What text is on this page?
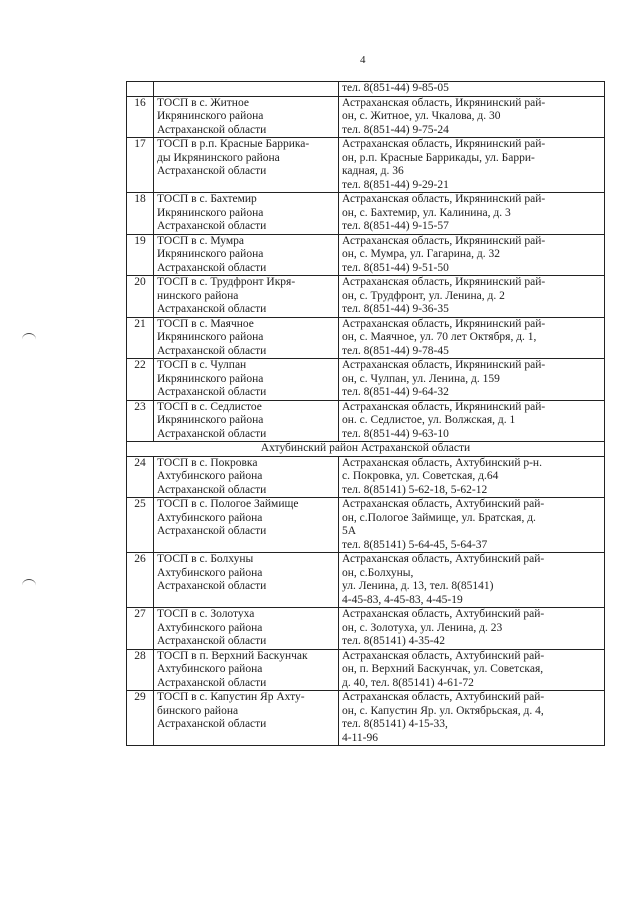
4

		тел. 8(851-44) 9-85-05

16	ТОСП в с. Житное
Икрянинского района
Астраханской области	Астраханская область, Икрянинский рай-
он, с. Житное, ул. Чкалова, д. 30
тел. 8(851-44) 9-75-24

17	ТОСП в р.п. Красные Баррика-
ды Икрянинского района
Астраханской области	Астраханская область, Икрянинский рай-
он, р.п. Красные Баррикады, ул. Барри-
кадная, д. 36
тел. 8(851-44) 9-29-21

18	ТОСП в с. Бахтемир
Икрянинского района
Астраханской области	Астраханская область, Икрянинский рай-
он, с. Бахтемир, ул. Калинина, д. 3
тел. 8(851-44) 9-15-57

19	ТОСП в с. Мумра
Икрянинского района
Астраханской области	Астраханская область, Икрянинский рай-
он, с. Мумра, ул. Гагарина, д. 32
тел. 8(851-44) 9-51-50

20	ТОСП в с. Трудфронт Икря-
нинского района
Астраханской области	Астраханская область, Икрянинский рай-
он, с. Трудфронт, ул. Ленина, д. 2
тел. 8(851-44) 9-36-35

21	ТОСП в с. Маячное
Икрянинского района
Астраханской области	Астраханская область, Икрянинский рай-
он, с. Маячное, ул. 70 лет Октября, д. 1,
тел. 8(851-44) 9-78-45

22	ТОСП в с. Чулпан
Икрянинского района
Астраханской области	Астраханская область, Икрянинский рай-
он, с. Чулпан, ул. Ленина, д. 159
тел. 8(851-44) 9-64-32

23	ТОСП в с. Седлистое
Икрянинского района
Астраханской области	Астраханская область, Икрянинский рай-
он. с. Седлистое, ул. Волжская, д. 1
тел. 8(851-44) 9-63-10

Ахтубинский район Астраханской области		
24	ТОСП в с. Покровка
Ахтубинского района
Астраханской области	Астраханская область, Ахтубинский р-н.
с. Покровка, ул. Советская, д.64
тел. 8(85141) 5-62-18, 5-62-12

25	ТОСП в с. Пологое Займище
Ахтубинского района
Астраханской области	Астраханская область, Ахтубинский рай-
он, с.Пологое Займище, ул. Братская, д.
5А
тел. 8(85141) 5-64-45, 5-64-37

26	ТОСП в с. Болхуны
Ахтубинского района
Астраханской области	Астраханская область, Ахтубинский рай-
он, с.Болхуны,
ул. Ленина, д. 13, тел. 8(85141)
4-45-83, 4-45-83, 4-45-19

27	ТОСП в с. Золотуха
Ахтубинского района
Астраханской области	Астраханская область, Ахтубинский рай-
он, с. Золотуха, ул. Ленина, д. 23
тел. 8(85141) 4-35-42

28	ТОСП в п. Верхний Баскунчак
Ахтубинского района
Астраханской области	Астраханская область, Ахтубинский рай-
он, п. Верхний Баскунчак, ул. Советская,
д. 40, тел. 8(85141) 4-61-72

29	ТОСП в с. Капустин Яр Ахту-
бинского района
Астраханской области	Астраханская область, Ахтубинский рай-
он, с. Капустин Яр. ул. Октябрьская, д. 4,
тел. 8(85141) 4-15-33,
4-11-96
